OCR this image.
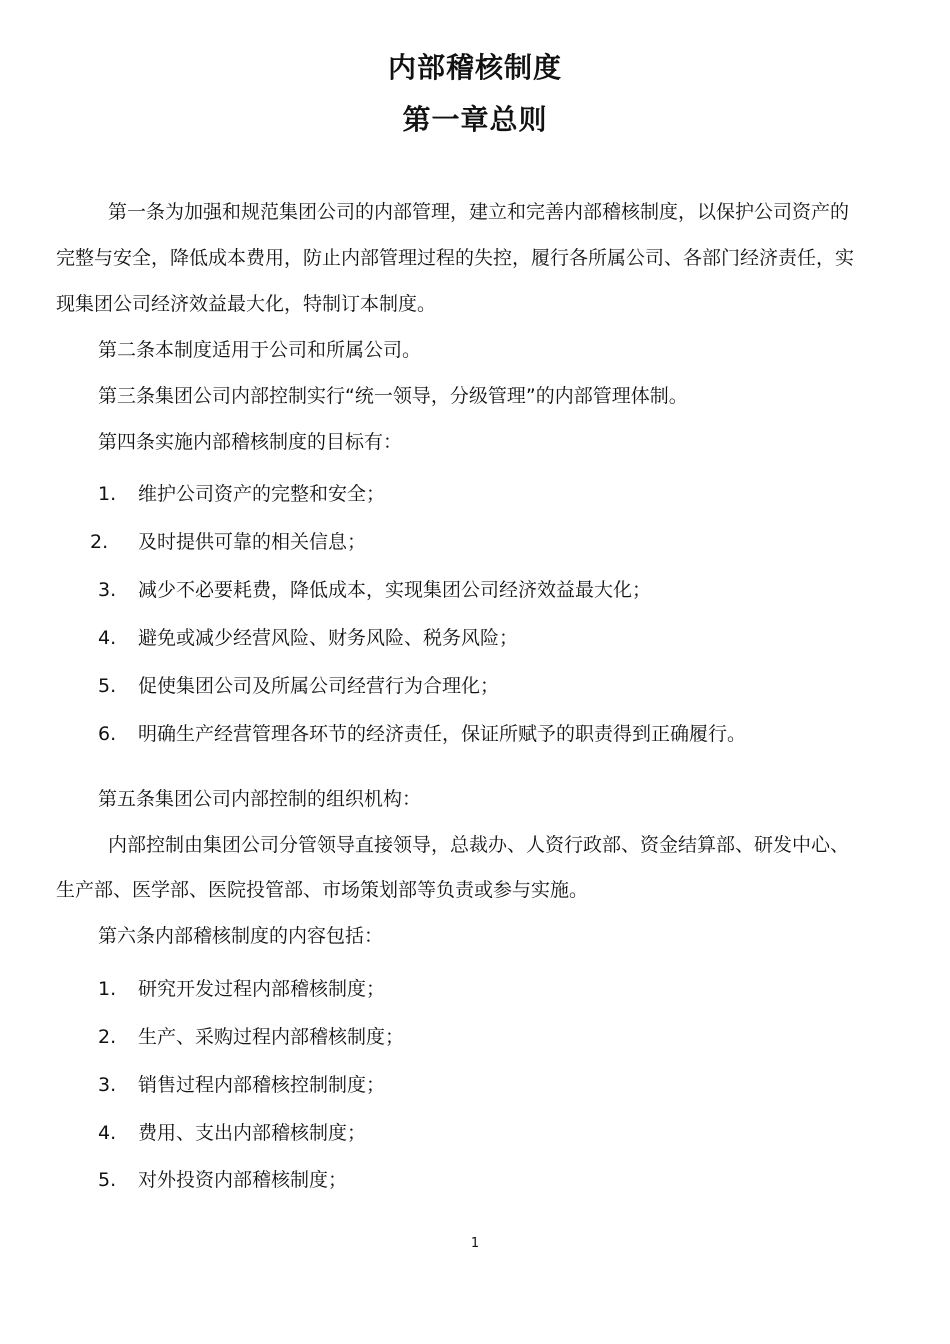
内部稽核制度
第一章总则
第一条为加强和规范集团公司的内部管理，建立和完善内部稽核制度，以保护公司资产的
完整与安全，降低成本费用，防止内部管理过程的失控，履行各所属公司、各部门经济责任，实
现集团公司经济效益最大化，特制订本制度。
第二条本制度适用于公司和所属公司。
第三条集团公司内部控制实行“统一领导，分级管理”的内部管理体制。
第四条实施内部稽核制度的目标有：
1.	维护公司资产的完整和安全；
2.	及时提供可靠的相关信息；
3.	减少不必要耗费，降低成本，实现集团公司经济效益最大化；
4.	避免或减少经营风险、财务风险、税务风险；
5.	促使集团公司及所属公司经营行为合理化；
6.	明确生产经营管理各环节的经济责任，保证所赋予的职责得到正确履行。
第五条集团公司内部控制的组织机构：
内部控制由集团公司分管领导直接领导，总裁办、人资行政部、资金结算部、研发中心、
生产部、医学部、医院投管部、市场策划部等负责或参与实施。
第六条内部稽核制度的内容包括：
1.	研究开发过程内部稽核制度；
2.	生产、采购过程内部稽核制度；
3.	销售过程内部稽核控制制度；
4.	费用、支出内部稽核制度；
5.	对外投资内部稽核制度；
1
